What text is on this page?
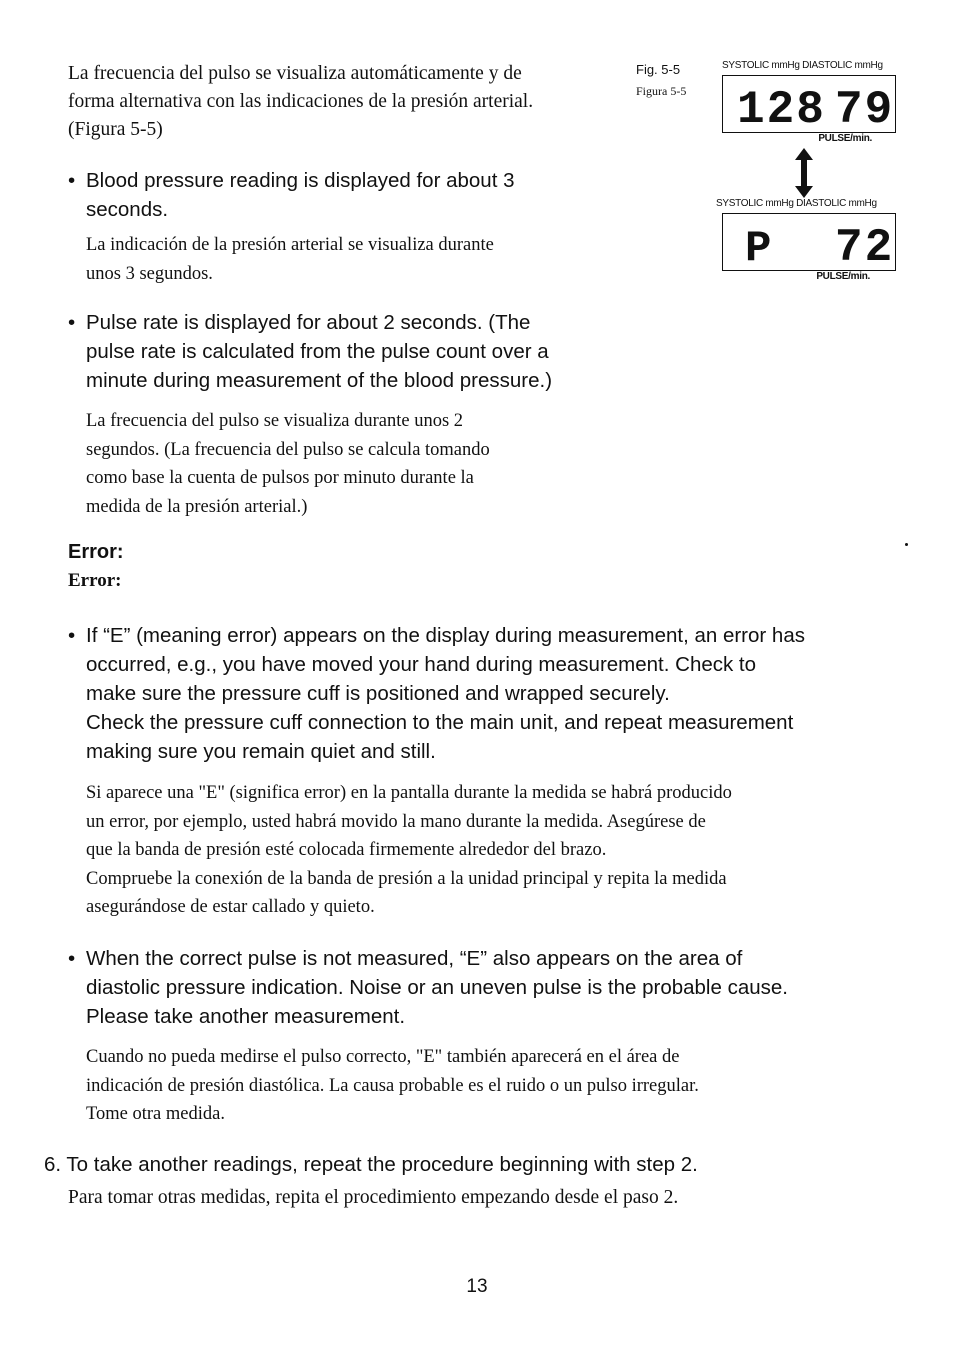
La frecuencia del pulso se visualiza automáticamente y de
forma alternativa con las indicaciones de la presión arterial.
(Figura 5-5)
Fig. 5-5
Figura 5-5
SYSTOLIC mmHg DIASTOLIC mmHg
128 79
PULSE/min.
SYSTOLIC mmHg DIASTOLIC mmHg
P 72
PULSE/min.
• Blood pressure reading is displayed for about 3
seconds.
La indicación de la presión arterial se visualiza durante
unos 3 segundos.
• Pulse rate is displayed for about 2 seconds. (The
pulse rate is calculated from the pulse count over a
minute during measurement of the blood pressure.)
La frecuencia del pulso se visualiza durante unos 2
segundos. (La frecuencia del pulso se calcula tomando
como base la cuenta de pulsos por minuto durante la
medida de la presión arterial.)
Error:
Error:
• If “E” (meaning error) appears on the display during measurement, an error has
occurred, e.g., you have moved your hand during measurement. Check to
make sure the pressure cuff is positioned and wrapped securely.
Check the pressure cuff connection to the main unit, and repeat measurement
making sure you remain quiet and still.
Si aparece una "E" (significa error) en la pantalla durante la medida se habrá producido
un error, por ejemplo, usted habrá movido la mano durante la medida. Asegúrese de
que la banda de presión esté colocada firmemente alrededor del brazo.
Compruebe la conexión de la banda de presión a la unidad principal y repita la medida
asegurándose de estar callado y quieto.
• When the correct pulse is not measured, “E” also appears on the area of
diastolic pressure indication. Noise or an uneven pulse is the probable cause.
Please take another measurement.
Cuando no pueda medirse el pulso correcto, "E" también aparecerá en el área de
indicación de presión diastólica. La causa probable es el ruido o un pulso irregular.
Tome otra medida.
6. To take another readings, repeat the procedure beginning with step 2.
Para tomar otras medidas, repita el procedimiento empezando desde el paso 2.
13
